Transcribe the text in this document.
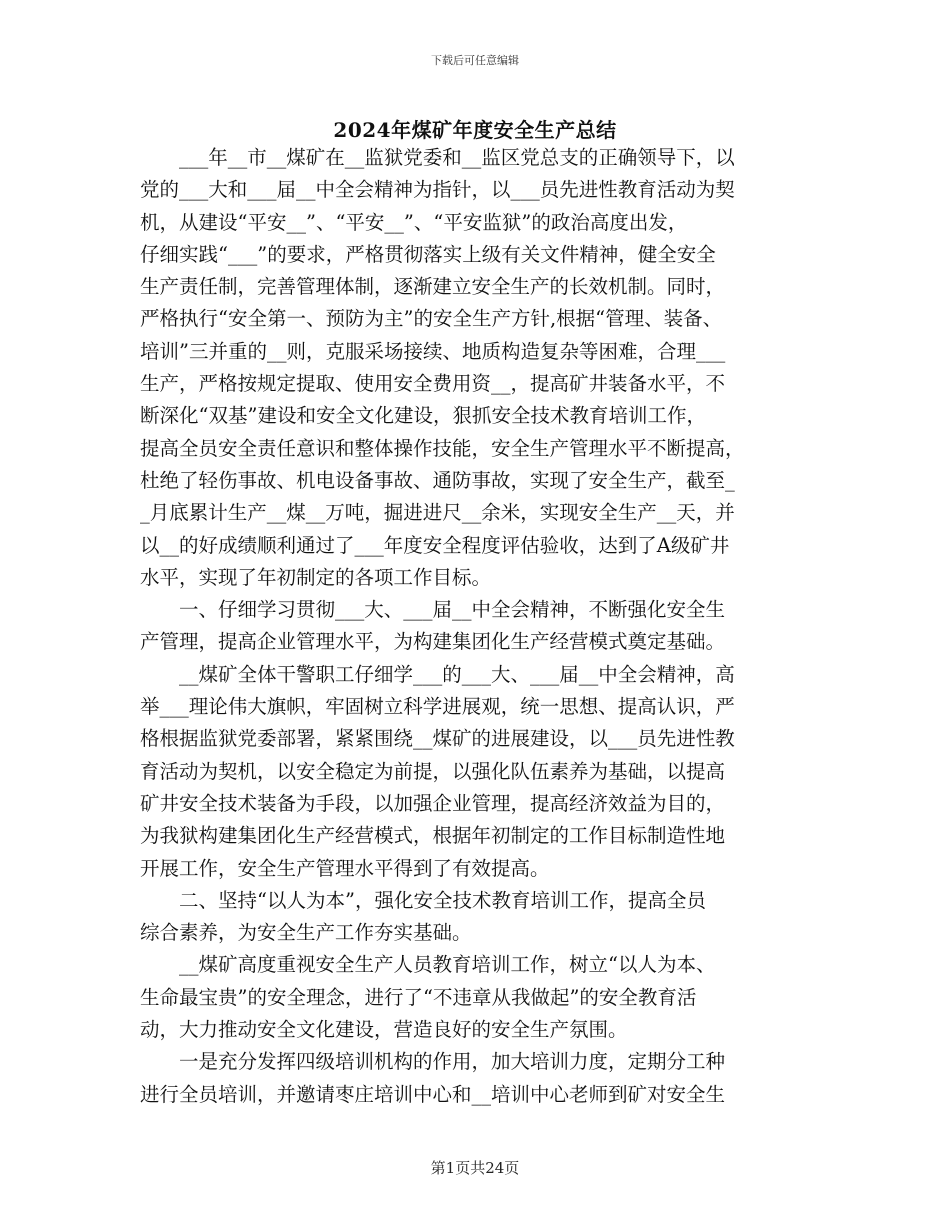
下载后可任意编辑
2024年煤矿年度安全生产总结
　　___年__市__煤矿在__监狱党委和__监区党总支的正确领导下，以
党的___大和___届__中全会精神为指针，以___员先进性教育活动为契
机，从建设“平安__”、“平安__”、“平安监狱”的政治高度出发，
仔细实践“___”的要求，严格贯彻落实上级有关文件精神，健全安全
生产责任制，完善管理体制，逐渐建立安全生产的长效机制。同时，
严格执行“安全第一、预防为主”的安全生产方针,根据“管理、装备、
培训”三并重的__则，克服采场接续、地质构造复杂等困难，合理___
生产，严格按规定提取、使用安全费用资__，提高矿井装备水平，不
断深化“双基”建设和安全文化建设，狠抓安全技术教育培训工作，
提高全员安全责任意识和整体操作技能，安全生产管理水平不断提高，
杜绝了轻伤事故、机电设备事故、通防事故，实现了安全生产，截至_
_月底累计生产__煤__万吨，掘进进尺__余米，实现安全生产__天，并
以__的好成绩顺利通过了___年度安全程度评估验收，达到了A级矿井
水平，实现了年初制定的各项工作目标。
　　一、仔细学习贯彻___大、___届__中全会精神，不断强化安全生
产管理，提高企业管理水平，为构建集团化生产经营模式奠定基础。
　　__煤矿全体干警职工仔细学___的___大、___届__中全会精神，高
举___理论伟大旗帜，牢固树立科学进展观，统一思想、提高认识，严
格根据监狱党委部署，紧紧围绕__煤矿的进展建设，以___员先进性教
育活动为契机，以安全稳定为前提，以强化队伍素养为基础，以提高
矿井安全技术装备为手段，以加强企业管理，提高经济效益为目的，
为我狱构建集团化生产经营模式，根据年初制定的工作目标制造性地
开展工作，安全生产管理水平得到了有效提高。
　　二、坚持“以人为本”，强化安全技术教育培训工作，提高全员
综合素养，为安全生产工作夯实基础。
　　__煤矿高度重视安全生产人员教育培训工作，树立“以人为本、
生命最宝贵”的安全理念，进行了“不违章从我做起”的安全教育活
动，大力推动安全文化建设，营造良好的安全生产氛围。
　　一是充分发挥四级培训机构的作用，加大培训力度，定期分工种
进行全员培训，并邀请枣庄培训中心和__培训中心老师到矿对安全生
第1页共24页
